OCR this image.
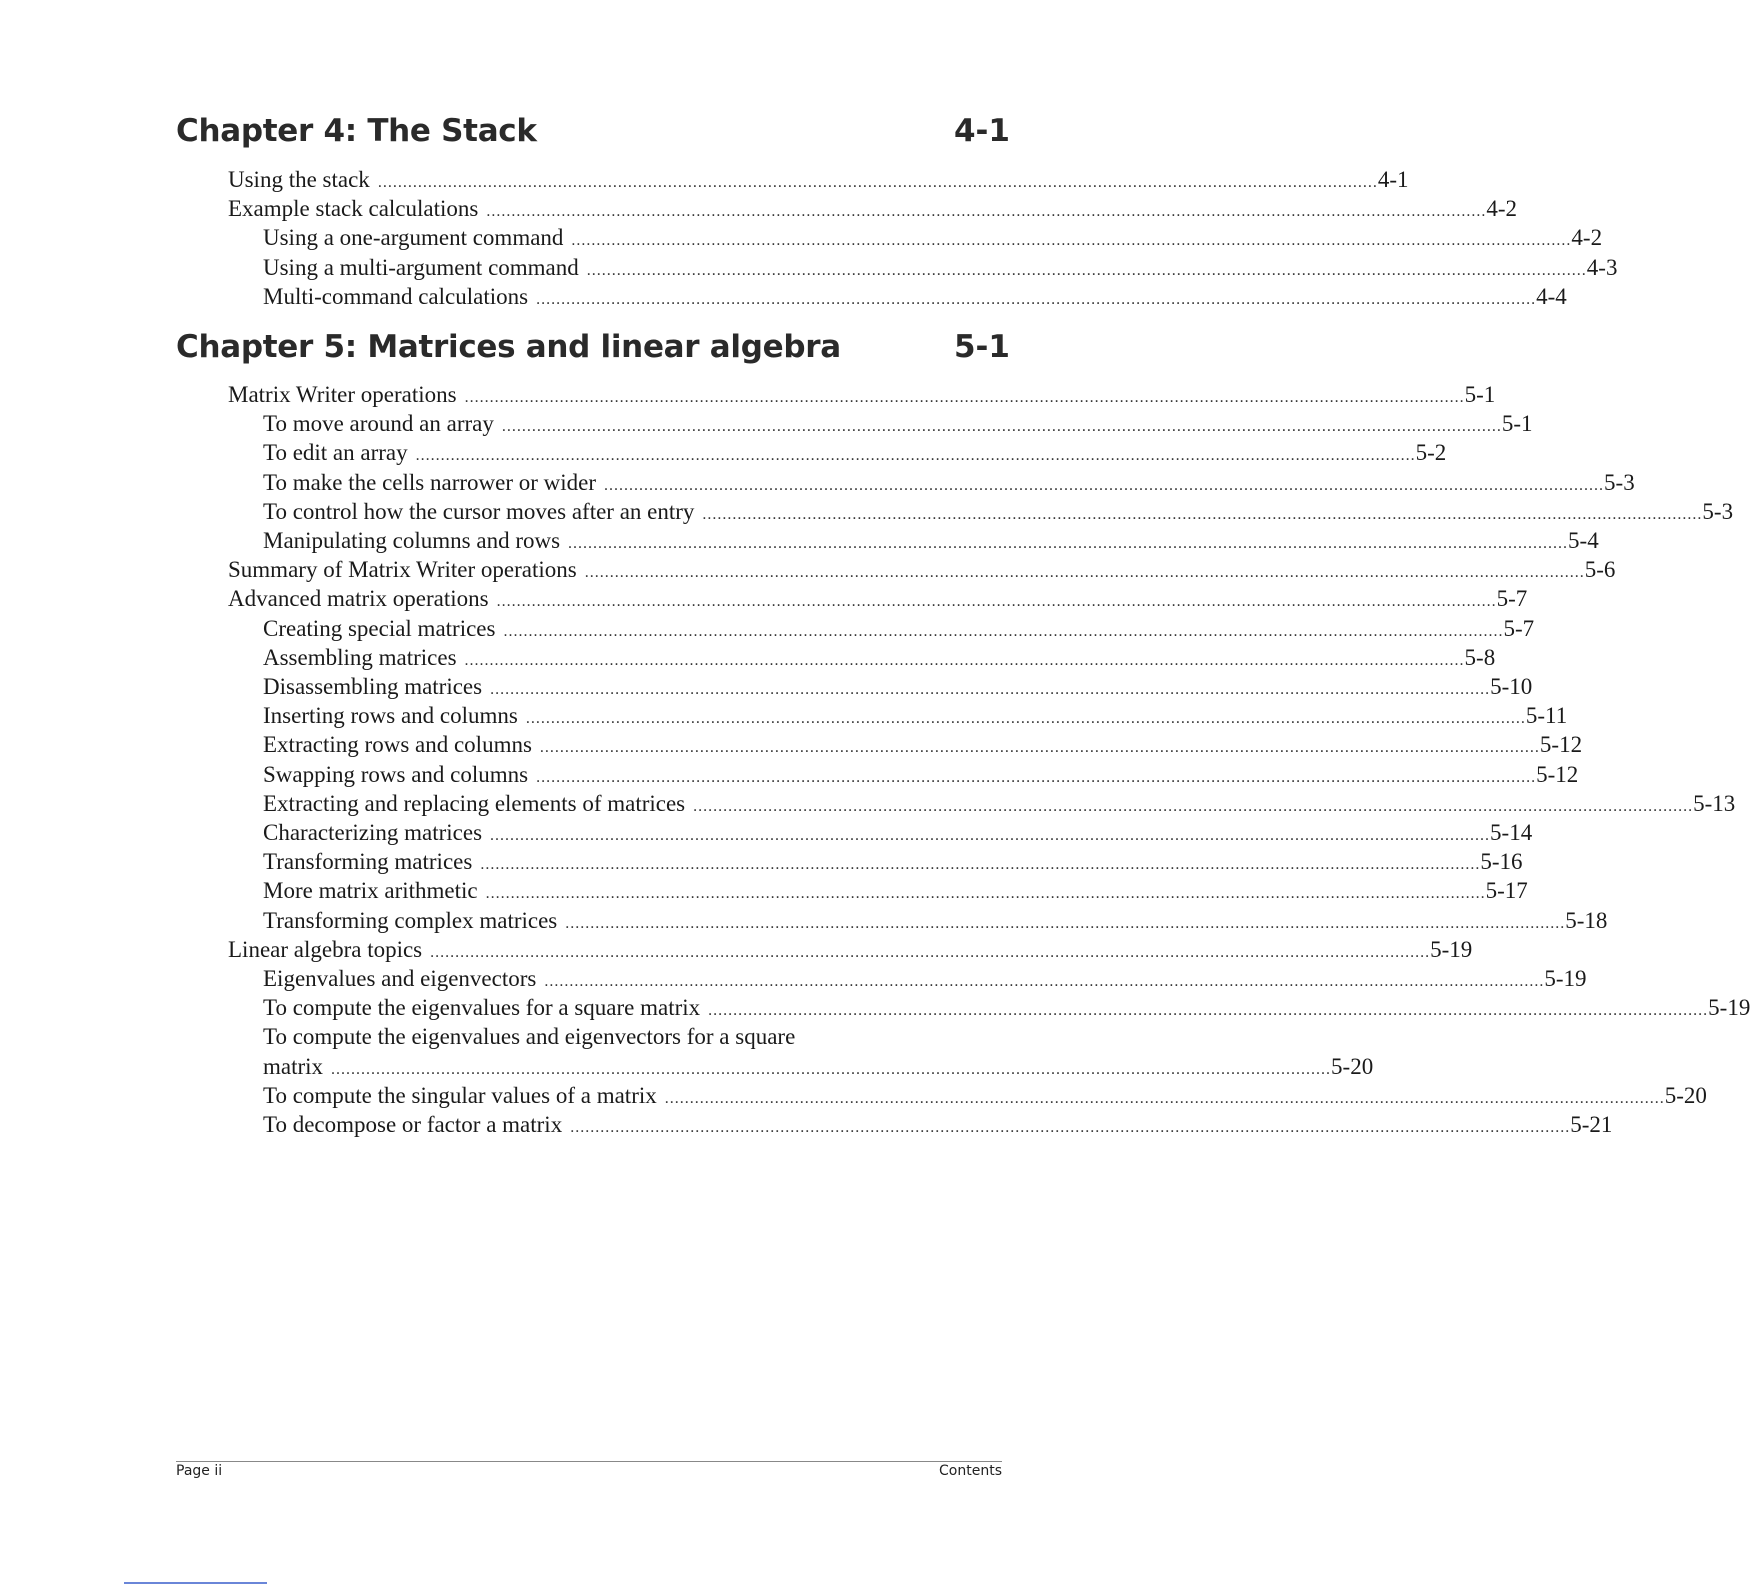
Chapter 4: The Stack	4-1
Using the stack ........................................................................................................................................................................................................ 4-1
Example stack calculations ........................................................................................................................................................................................................ 4-2
Using a one-argument command ........................................................................................................................................................................................................ 4-2
Using a multi-argument command ........................................................................................................................................................................................................ 4-3
Multi-command calculations ........................................................................................................................................................................................................ 4-4
Chapter 5: Matrices and linear algebra	5-1
Matrix Writer operations ........................................................................................................................................................................................................ 5-1
To move around an array ........................................................................................................................................................................................................ 5-1
To edit an array ........................................................................................................................................................................................................ 5-2
To make the cells narrower or wider ........................................................................................................................................................................................................ 5-3
To control how the cursor moves after an entry ........................................................................................................................................................................................................ 5-3
Manipulating columns and rows ........................................................................................................................................................................................................ 5-4
Summary of Matrix Writer operations ........................................................................................................................................................................................................ 5-6
Advanced matrix operations ........................................................................................................................................................................................................ 5-7
Creating special matrices ........................................................................................................................................................................................................ 5-7
Assembling matrices ........................................................................................................................................................................................................ 5-8
Disassembling matrices ........................................................................................................................................................................................................ 5-10
Inserting rows and columns ........................................................................................................................................................................................................ 5-11
Extracting rows and columns ........................................................................................................................................................................................................ 5-12
Swapping rows and columns ........................................................................................................................................................................................................ 5-12
Extracting and replacing elements of matrices ........................................................................................................................................................................................................ 5-13
Characterizing matrices ........................................................................................................................................................................................................ 5-14
Transforming matrices ........................................................................................................................................................................................................ 5-16
More matrix arithmetic ........................................................................................................................................................................................................ 5-17
Transforming complex matrices ........................................................................................................................................................................................................ 5-18
Linear algebra topics ........................................................................................................................................................................................................ 5-19
Eigenvalues and eigenvectors ........................................................................................................................................................................................................ 5-19
To compute the eigenvalues for a square matrix ........................................................................................................................................................................................................ 5-19
To compute the eigenvalues and eigenvectors for a square
matrix ........................................................................................................................................................................................................ 5-20
To compute the singular values of a matrix ........................................................................................................................................................................................................ 5-20
To decompose or factor a matrix ........................................................................................................................................................................................................ 5-21
Page ii	Contents
